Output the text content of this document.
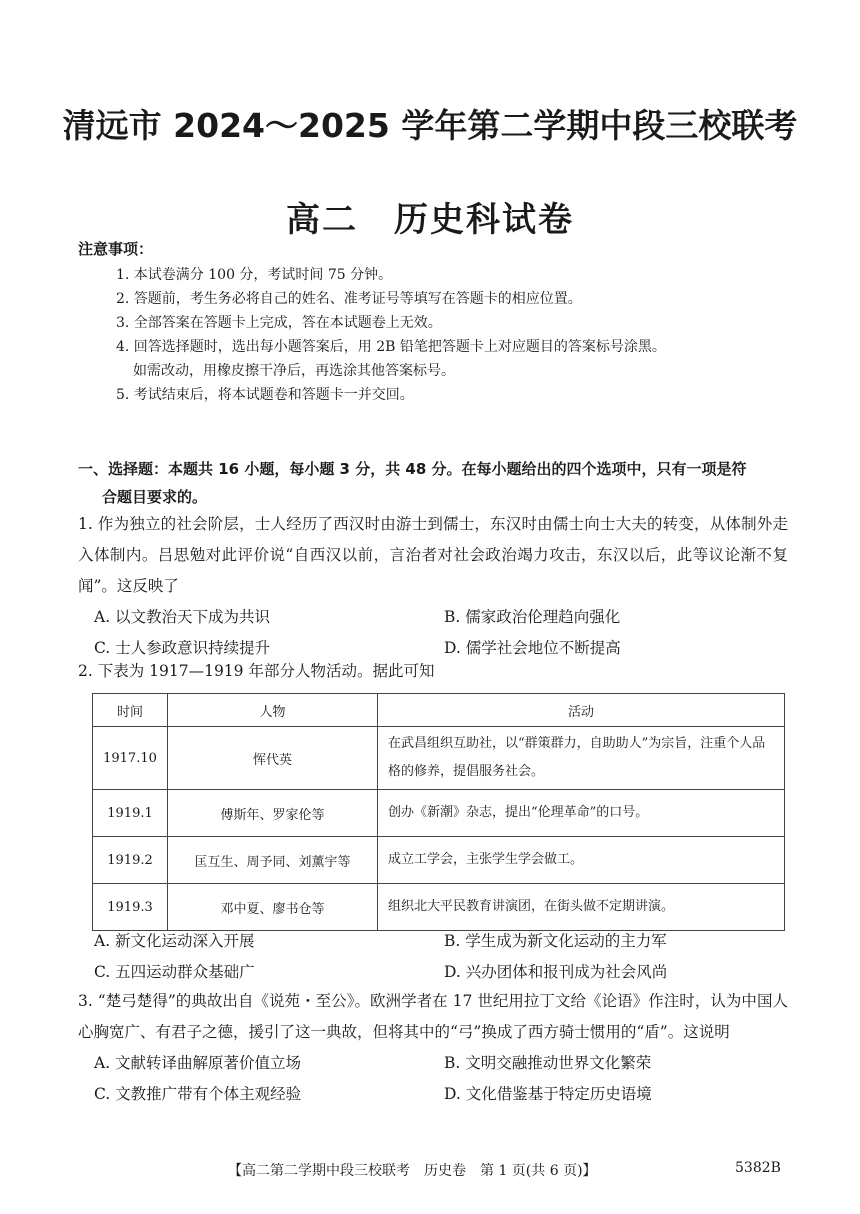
清远市 2024～2025 学年第二学期中段三校联考
高二　历史科试卷
注意事项：
1. 本试卷满分 100 分，考试时间 75 分钟。
2. 答题前，考生务必将自己的姓名、准考证号等填写在答题卡的相应位置。
3. 全部答案在答题卡上完成，答在本试题卷上无效。
4. 回答选择题时，选出每小题答案后，用 2B 铅笔把答题卡上对应题目的答案标号涂黑。
如需改动，用橡皮擦干净后，再选涂其他答案标号。
5. 考试结束后，将本试题卷和答题卡一并交回。
一、选择题：本题共 16 小题，每小题 3 分，共 48 分。在每小题给出的四个选项中，只有一项是符
合题目要求的。
1. 作为独立的社会阶层，士人经历了西汉时由游士到儒士，东汉时由儒士向士大夫的转变，从体制外走入体制内。吕思勉对此评价说“自西汉以前，言治者对社会政治竭力攻击，东汉以后，此等议论渐不复闻”。这反映了
A. 以文教治天下成为共识	B. 儒家政治伦理趋向强化
C. 士人参政意识持续提升	D. 儒学社会地位不断提高
2. 下表为 1917—1919 年部分人物活动。据此可知
时间	人物	活动
1917.10	恽代英	在武昌组织互助社，以“群策群力，自助助人”为宗旨，注重个人品格的修养，提倡服务社会。
1919.1	傅斯年、罗家伦等	创办《新潮》杂志，提出“伦理革命”的口号。
1919.2	匡互生、周予同、刘薰宇等	成立工学会，主张学生学会做工。
1919.3	邓中夏、廖书仓等	组织北大平民教育讲演团，在街头做不定期讲演。
A. 新文化运动深入开展	B. 学生成为新文化运动的主力军
C. 五四运动群众基础广	D. 兴办团体和报刊成为社会风尚
3. “楚弓楚得”的典故出自《说苑・至公》。欧洲学者在 17 世纪用拉丁文给《论语》作注时，认为中国人心胸宽广、有君子之德，援引了这一典故，但将其中的“弓”换成了西方骑士惯用的“盾”。这说明
A. 文献转译曲解原著价值立场	B. 文明交融推动世界文化繁荣
C. 文教推广带有个体主观经验	D. 文化借鉴基于特定历史语境
【高二第二学期中段三校联考　历史卷　第 1 页(共 6 页)】	5382B
